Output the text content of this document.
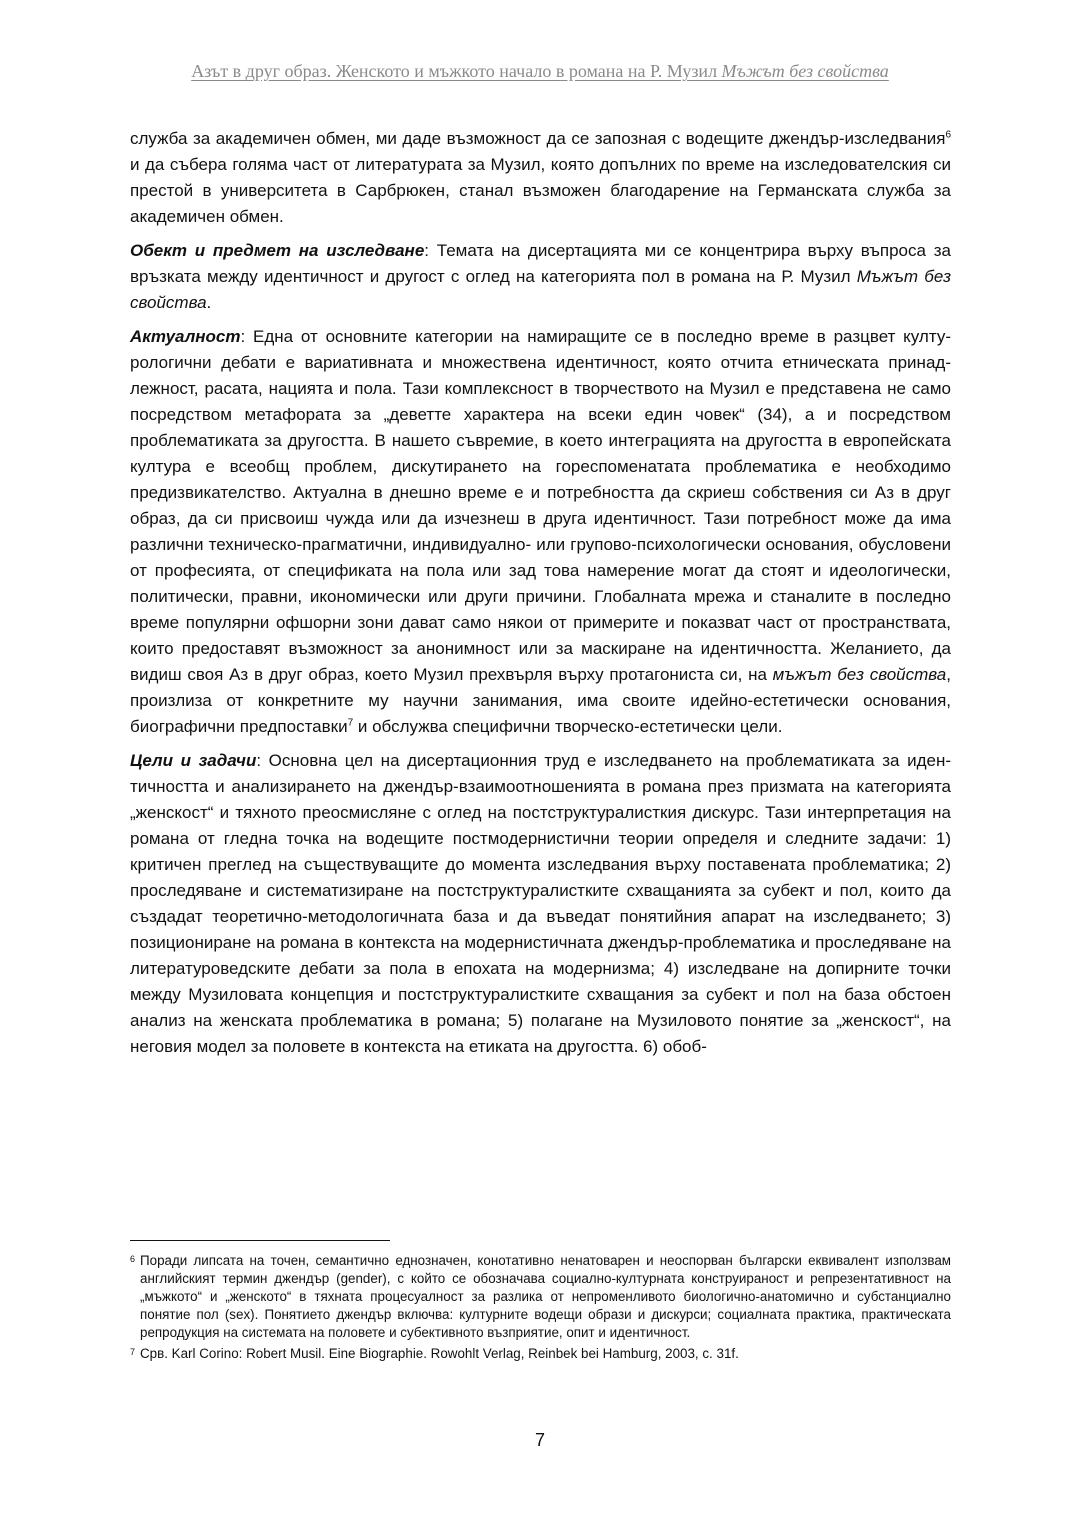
Азът в друг образ. Женското и мъжкото начало в романа на Р. Музил Мъжът без свойства

служба за академичен обмен, ми даде възможност да се запозная с водещите джендър-изследвания$^6$ и да събера голяма част от литературата за Музил, която допълних по време на изследователския си престой в университета в Сарбрюкен, станал възможен благодарение на Германската служба за академичен обмен.

Обект и предмет на изследване: Темата на дисертацията ми се концентрира върху въпроса за връзката между идентичност и другост с оглед на категорията пол в романа на Р. Музил Мъжът без свойства.

Актуалност: Една от основните категории на намиращите се в последно време в разцвет културологични дебати е вариативната и множествена идентичност, която отчита етническата принадлежност, расата, нацията и пола. Тази комплексност в творчеството на Музил е представена не само посредством метафората за „деветте характера на всеки един човек“ (34), а и посредством проблематиката за другостта. В нашето съвремие, в което интеграцията на другостта в европейската култура е всеобщ проблем, дискутирането на гореспоменатата проблематика е необходимо предизвикателство. Актуална в днешно време е и потребността да скриеш собствения си Аз в друг образ, да си присвоиш чужда или да изчезнеш в друга идентичност. Тази потребност може да има различни техническо-прагматични, индивидуално- или групово-психологически основания, обусловени от професията, от спецификата на пола или зад това намерение могат да стоят и идеологически, политически, правни, икономически или други причини. Глобалната мрежа и станалите в последно време популярни офшорни зони дават само някои от примерите и показват част от пространствата, които предоставят възможност за анонимност или за маскиране на идентичността. Желанието, да видиш своя Аз в друг образ, което Музил прехвърля върху протагониста си, на мъжът без свойства, произлиза от конкретните му научни занимания, има своите идейно-естетически основания, биографични предпоставки$^7$ и обслужва специфични творческо-естетически цели.

Цели и задачи: Основна цел на дисертационния труд е изследването на проблематиката за идентичността и анализирането на джендър-взаимоотношенията в романа през призмата на категорията „женскост“ и тяхното преосмисляне с оглед на постструктуралисткия дискурс. Тази интерпретация на романа от гледна точка на водещите постмодернистични теории определя и следните задачи: 1) критичен преглед на съществуващите до момента изследвания върху поставената проблематика; 2) проследяване и систематизиране на постструктуралистките схващанията за субект и пол, които да създадат теоретично-методологичната база и да въведат понятийния апарат на изследването; 3) позициониране на романа в контекста на модернистичната джендър-проблематика и проследяване на литературоведските дебати за пола в епохата на модернизма; 4) изследване на допирните точки между Музиловата концепция и постструктуралистките схващания за субект и пол на база обстоен анализ на женската проблематика в романа; 5) полагане на Музиловото понятие за „женскост“, на неговия модел за половете в контекста на етиката на другостта. 6) обоб-

6 Поради липсата на точен, семантично еднозначен, конотативно ненатоварен и неоспорван български еквивалент използвам английският термин джендър (gender), с който се обозначава социално-културната конструираност и репрезентативност на „мъжкото“ и „женското“ в тяхната процесуалност за разлика от непроменливото биологично-анатомично и субстанциално понятие пол (sex). Понятието джендър включва: културните водещи образи и дискурси; социалната практика, практическата репродукция на системата на половете и субективното възприятие, опит и идентичност.
7 Срв. Karl Corino: Robert Musil. Eine Biographie. Rowohlt Verlag, Reinbek bei Hamburg, 2003, с. 31f.
7
